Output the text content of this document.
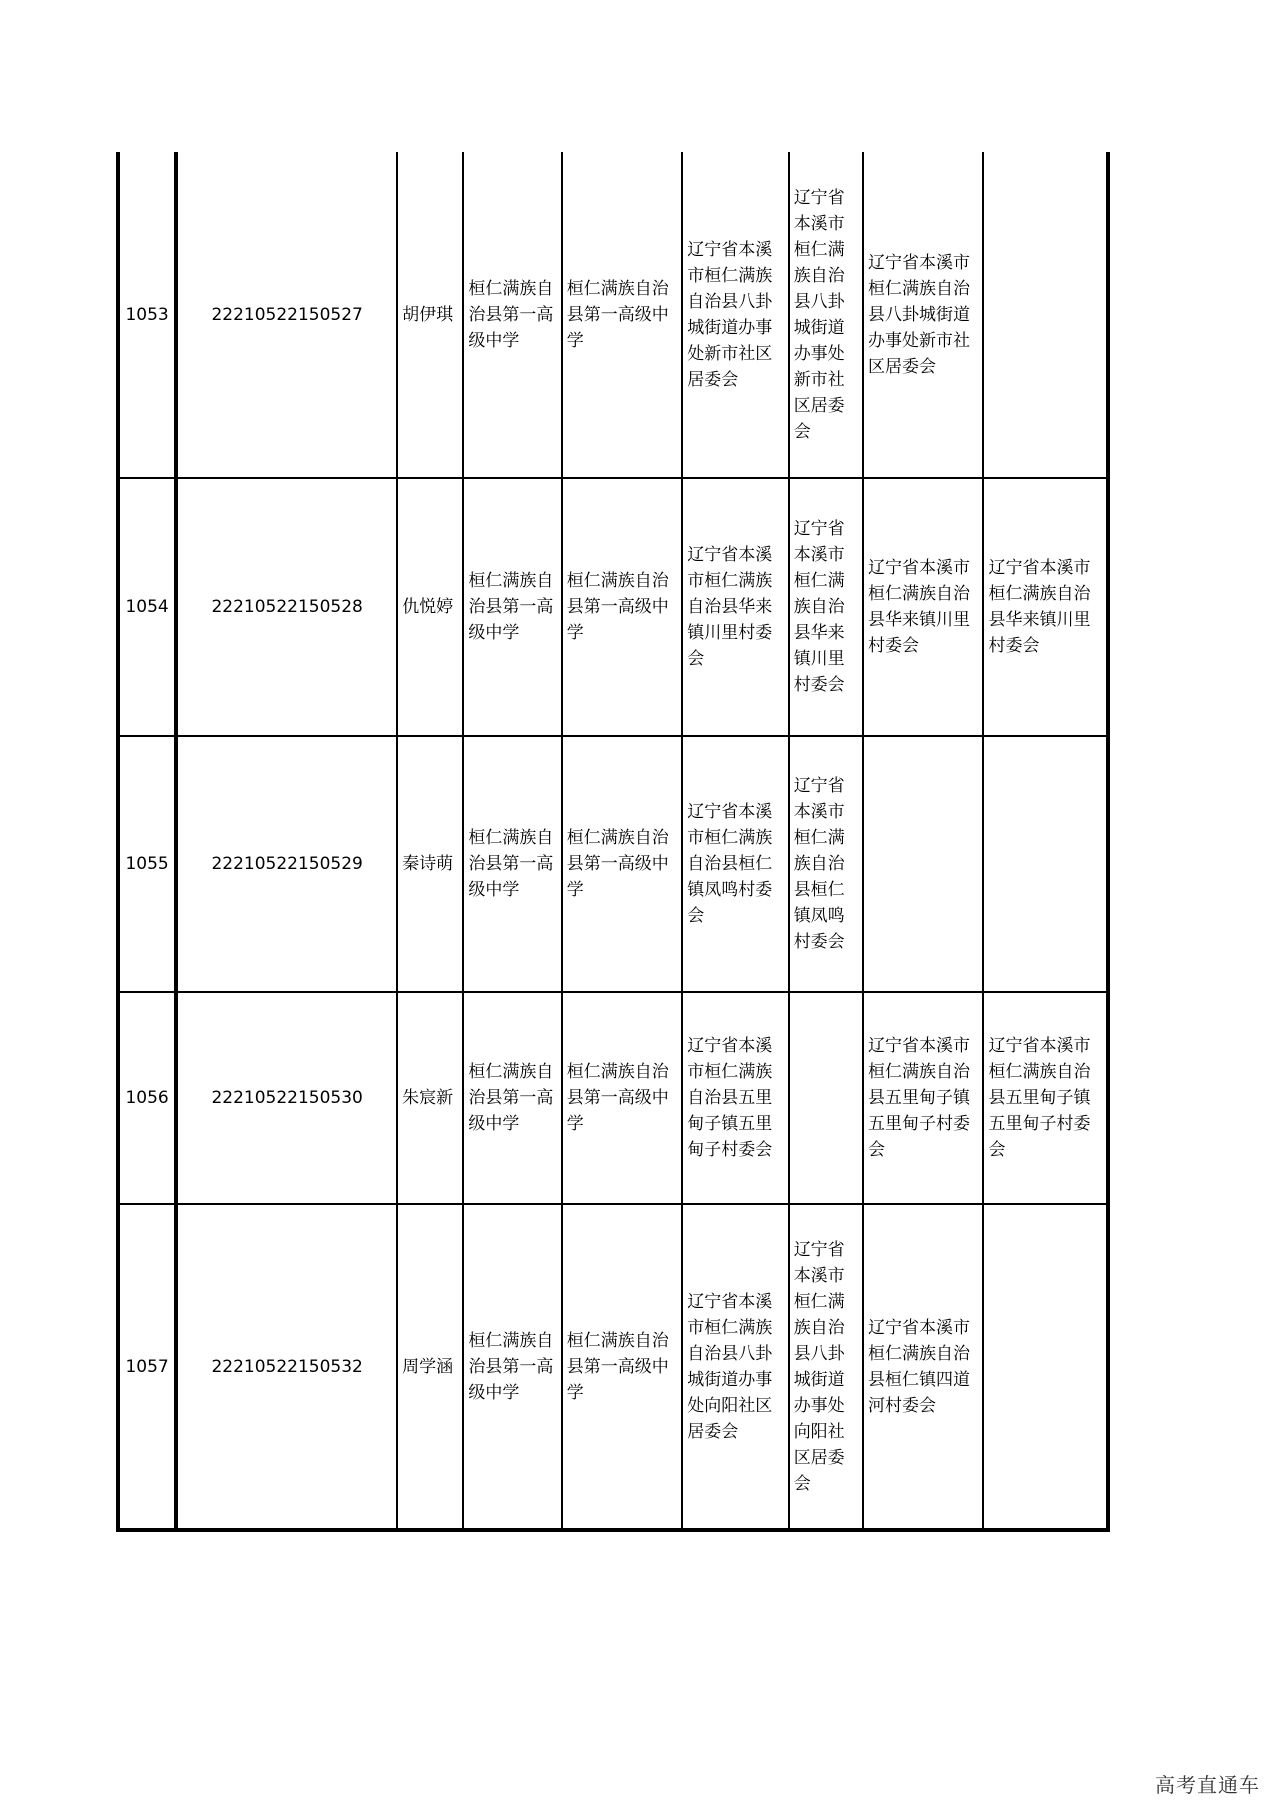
1053	22210522150527	胡伊琪	桓仁满族自治县第一高级中学	桓仁满族自治县第一高级中学	辽宁省本溪市桓仁满族自治县八卦城街道办事处新市社区居委会	辽宁省本溪市桓仁满族自治县八卦城街道办事处新市社区居委会	辽宁省本溪市桓仁满族自治县八卦城街道办事处新市社区居委会	
1054	22210522150528	仇悦婷	桓仁满族自治县第一高级中学	桓仁满族自治县第一高级中学	辽宁省本溪市桓仁满族自治县华来镇川里村委会	辽宁省本溪市桓仁满族自治县华来镇川里村委会	辽宁省本溪市桓仁满族自治县华来镇川里村委会	辽宁省本溪市桓仁满族自治县华来镇川里村委会
1055	22210522150529	秦诗萌	桓仁满族自治县第一高级中学	桓仁满族自治县第一高级中学	辽宁省本溪市桓仁满族自治县桓仁镇凤鸣村委会	辽宁省本溪市桓仁满族自治县桓仁镇凤鸣村委会		
1056	22210522150530	朱宸新	桓仁满族自治县第一高级中学	桓仁满族自治县第一高级中学	辽宁省本溪市桓仁满族自治县五里甸子镇五里甸子村委会		辽宁省本溪市桓仁满族自治县五里甸子镇五里甸子村委会	辽宁省本溪市桓仁满族自治县五里甸子镇五里甸子村委会
1057	22210522150532	周学涵	桓仁满族自治县第一高级中学	桓仁满族自治县第一高级中学	辽宁省本溪市桓仁满族自治县八卦城街道办事处向阳社区居委会	辽宁省本溪市桓仁满族自治县八卦城街道办事处向阳社区居委会	辽宁省本溪市桓仁满族自治县桓仁镇四道河村委会	
高考直通车
